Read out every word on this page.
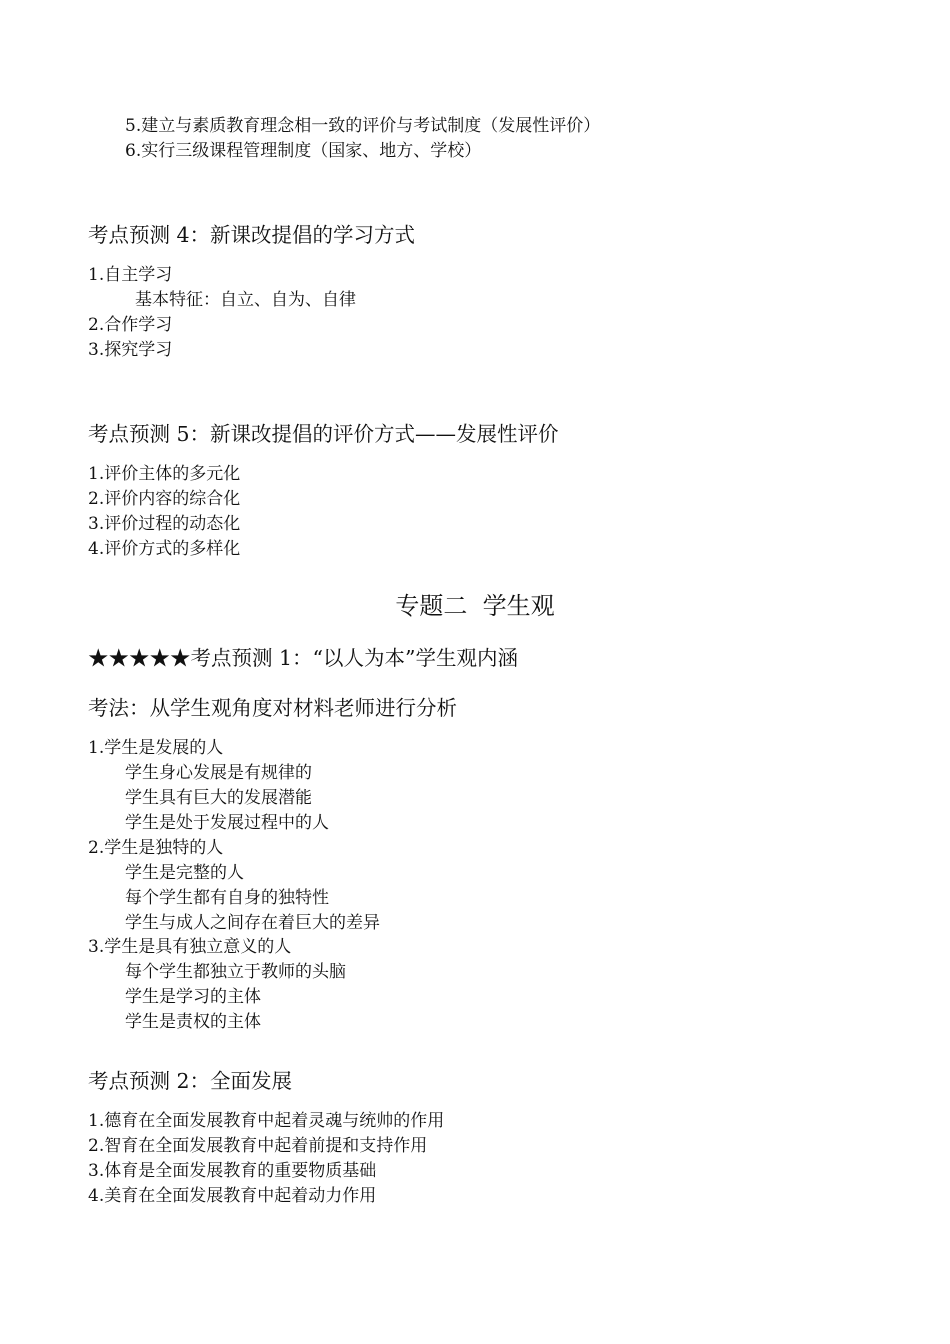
5.建立与素质教育理念相一致的评价与考试制度（发展性评价）
6.实行三级课程管理制度（国家、地方、学校）
考点预测 4：新课改提倡的学习方式
1.自主学习
基本特征：自立、自为、自律
2.合作学习
3.探究学习
考点预测 5：新课改提倡的评价方式——发展性评价
1.评价主体的多元化
2.评价内容的综合化
3.评价过程的动态化
4.评价方式的多样化
专题二  学生观
★★★★★考点预测 1：“以人为本”学生观内涵
考法：从学生观角度对材料老师进行分析
1.学生是发展的人
学生身心发展是有规律的
学生具有巨大的发展潜能
学生是处于发展过程中的人
2.学生是独特的人
学生是完整的人
每个学生都有自身的独特性
学生与成人之间存在着巨大的差异
3.学生是具有独立意义的人
每个学生都独立于教师的头脑
学生是学习的主体
学生是责权的主体
考点预测 2：全面发展
1.德育在全面发展教育中起着灵魂与统帅的作用
2.智育在全面发展教育中起着前提和支持作用
3.体育是全面发展教育的重要物质基础
4.美育在全面发展教育中起着动力作用
